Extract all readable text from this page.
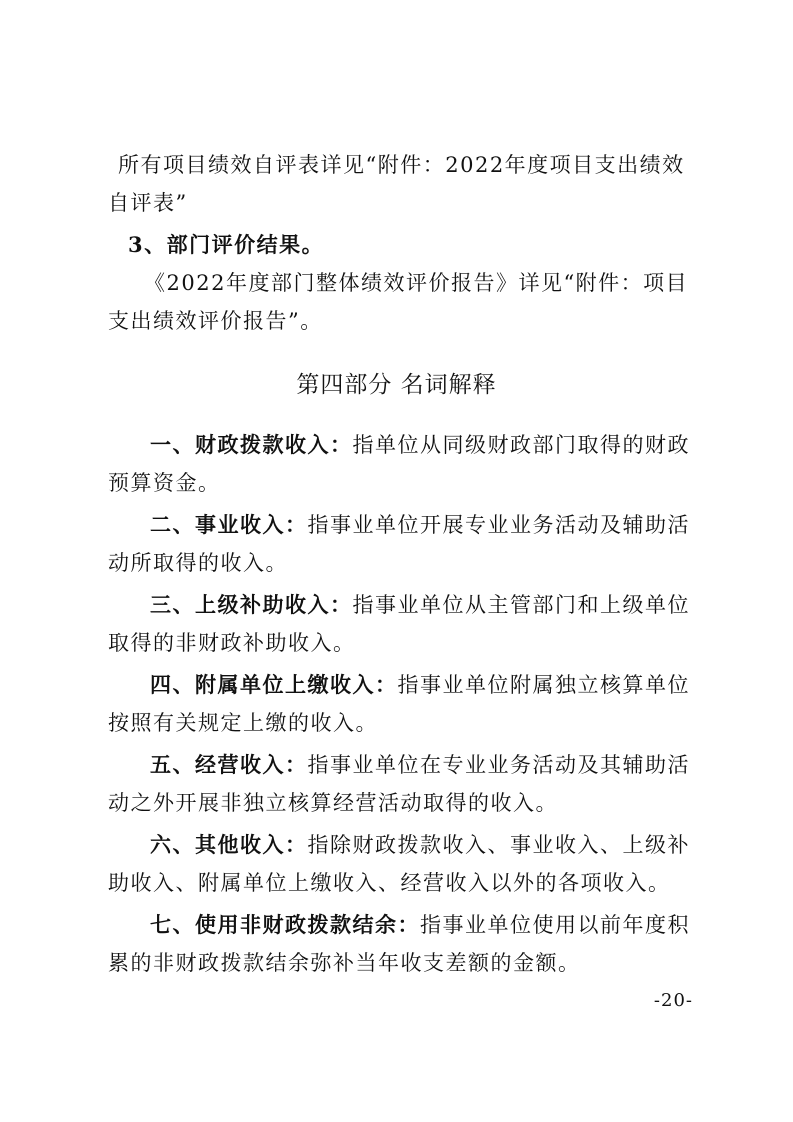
所有项目绩效自评表详见“附件：2022年度项目支出绩效自评表”

3、部门评价结果。

《2022年度部门整体绩效评价报告》详见“附件：项目支出绩效评价报告”。

第四部分 名词解释

一、财政拨款收入：指单位从同级财政部门取得的财政预算资金。

二、事业收入：指事业单位开展专业业务活动及辅助活动所取得的收入。

三、上级补助收入：指事业单位从主管部门和上级单位取得的非财政补助收入。

四、附属单位上缴收入：指事业单位附属独立核算单位按照有关规定上缴的收入。

五、经营收入：指事业单位在专业业务活动及其辅助活动之外开展非独立核算经营活动取得的收入。

六、其他收入：指除财政拨款收入、事业收入、上级补助收入、附属单位上缴收入、经营收入以外的各项收入。

七、使用非财政拨款结余：指事业单位使用以前年度积累的非财政拨款结余弥补当年收支差额的金额。

-20-
